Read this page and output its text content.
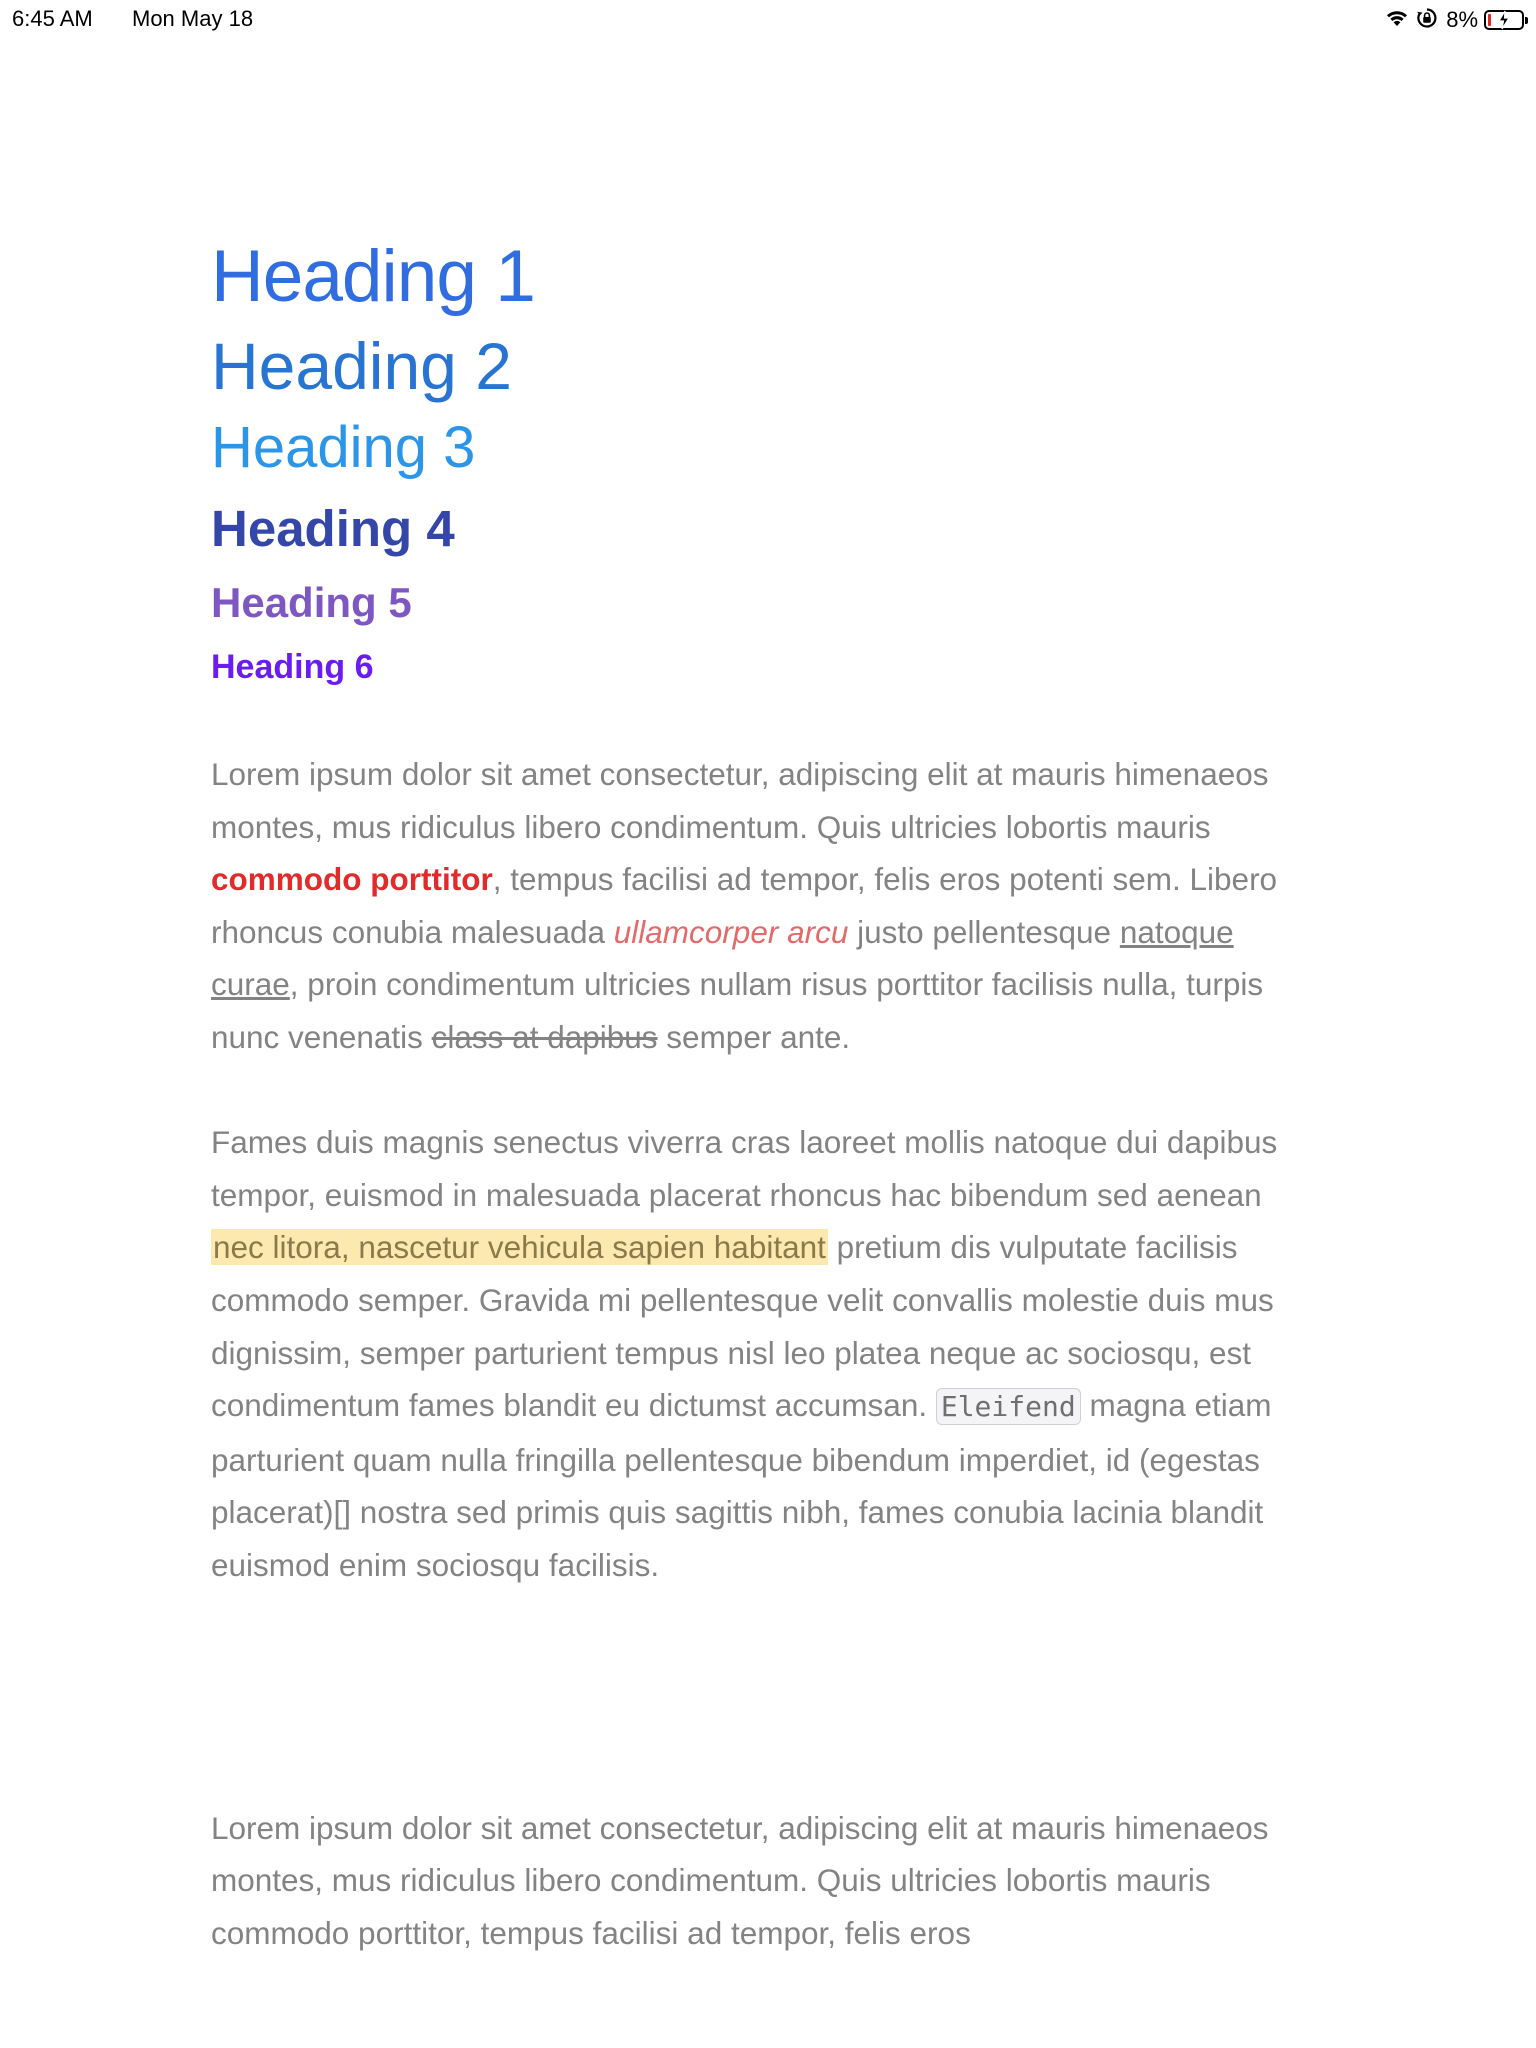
6:45 AM Mon May 18	8%
Heading 1
Heading 2
Heading 3
Heading 4
Heading 5
Heading 6

Lorem ipsum dolor sit amet consectetur, adipiscing elit at mauris himenaeos montes, mus ridiculus libero condimentum. Quis ultricies lobortis mauris commodo porttitor, tempus facilisi ad tempor, felis eros potenti sem. Libero rhoncus conubia malesuada ullamcorper arcu justo pellentesque natoque curae, proin condimentum ultricies nullam risus porttitor facilisis nulla, turpis nunc venenatis class at dapibus semper ante.

Fames duis magnis senectus viverra cras laoreet mollis natoque dui dapibus tempor, euismod in malesuada placerat rhoncus hac bibendum sed aenean nec litora, nascetur vehicula sapien habitant pretium dis vulputate facilisis commodo semper. Gravida mi pellentesque velit convallis molestie duis mus dignissim, semper parturient tempus nisl leo platea neque ac sociosqu, est condimentum fames blandit eu dictumst accumsan. Eleifend magna etiam parturient quam nulla fringilla pellentesque bibendum imperdiet, id (egestas placerat)[] nostra sed primis quis sagittis nibh, fames conubia lacinia blandit euismod enim sociosqu facilisis.

Lorem ipsum dolor sit amet consectetur, adipiscing elit at mauris himenaeos montes, mus ridiculus libero condimentum. Quis ultricies lobortis mauris commodo porttitor, tempus facilisi ad tempor, felis eros
